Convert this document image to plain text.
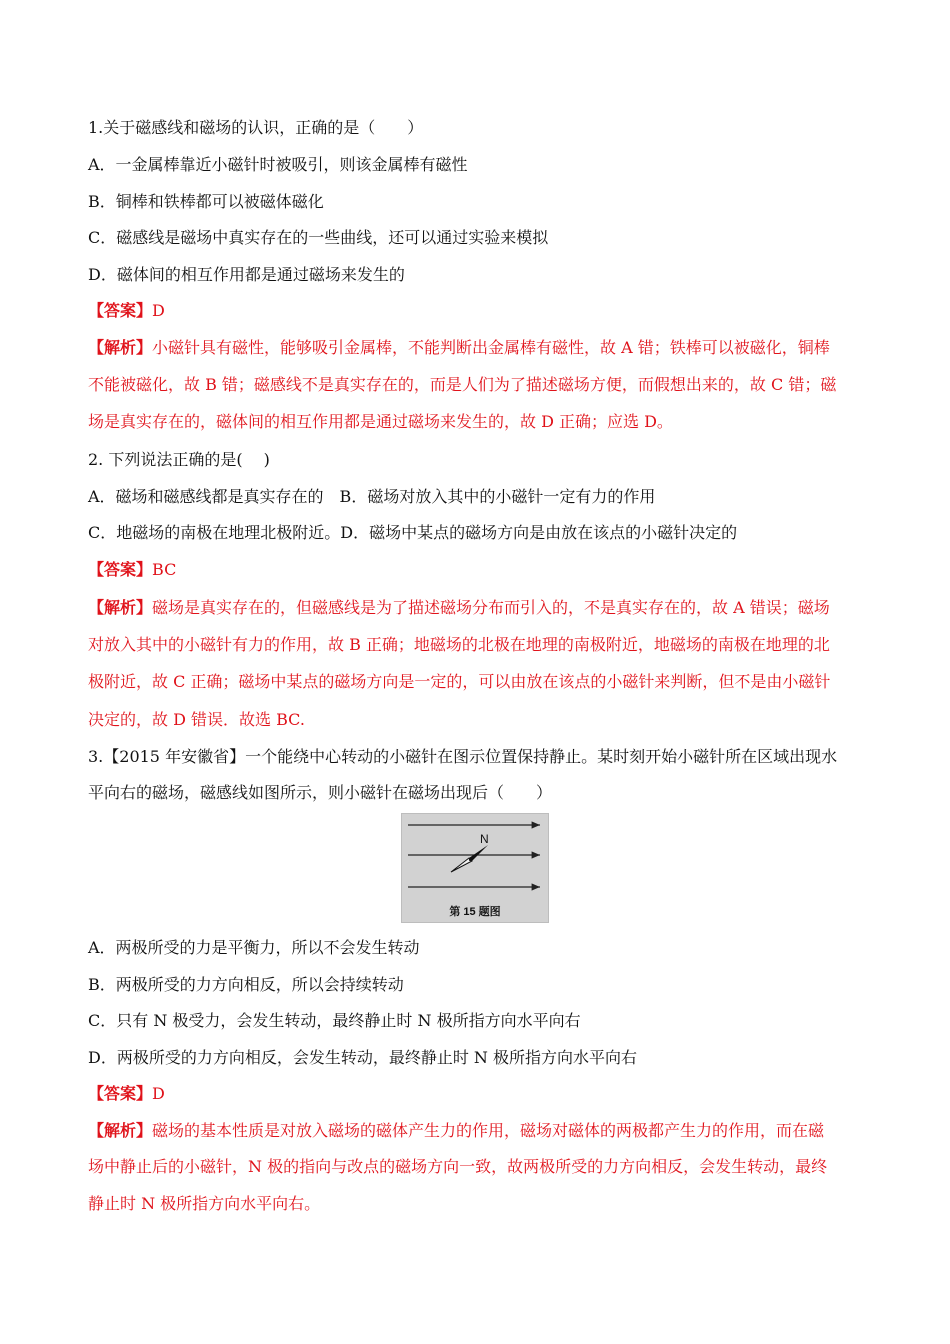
1.关于磁感线和磁场的认识，正确的是（　　）
A．一金属棒靠近小磁针时被吸引，则该金属棒有磁性
B．铜棒和铁棒都可以被磁体磁化
C．磁感线是磁场中真实存在的一些曲线，还可以通过实验来模拟
D．磁体间的相互作用都是通过磁场来发生的
【答案】D
【解析】小磁针具有磁性，能够吸引金属棒，不能判断出金属棒有磁性，故 A 错；铁棒可以被磁化，铜棒
不能被磁化，故 B 错；磁感线不是真实存在的，而是人们为了描述磁场方便，而假想出来的，故 C 错；磁
场是真实存在的，磁体间的相互作用都是通过磁场来发生的，故 D 正确；应选 D。
2. 下列说法正确的是(　 )
A．磁场和磁感线都是真实存在的　B．磁场对放入其中的小磁针一定有力的作用
C．地磁场的南极在地理北极附近。D．磁场中某点的磁场方向是由放在该点的小磁针决定的
【答案】BC
【解析】磁场是真实存在的，但磁感线是为了描述磁场分布而引入的，不是真实存在的，故 A 错误；磁场
对放入其中的小磁针有力的作用，故 B 正确；地磁场的北极在地理的南极附近，地磁场的南极在地理的北
极附近，故 C 正确；磁场中某点的磁场方向是一定的，可以由放在该点的小磁针来判断，但不是由小磁针
决定的，故 D 错误．故选 BC.
3.【2015 年安徽省】一个能绕中心转动的小磁针在图示位置保持静止。某时刻开始小磁针所在区域出现水
平向右的磁场，磁感线如图所示，则小磁针在磁场出现后（　　）
N
第 15 题图
A．两极所受的力是平衡力，所以不会发生转动
B．两极所受的力方向相反，所以会持续转动
C．只有 N 极受力，会发生转动，最终静止时 N 极所指方向水平向右
D．两极所受的力方向相反，会发生转动，最终静止时 N 极所指方向水平向右
【答案】D
【解析】磁场的基本性质是对放入磁场的磁体产生力的作用，磁场对磁体的两极都产生力的作用，而在磁
场中静止后的小磁针，N 极的指向与改点的磁场方向一致，故两极所受的力方向相反，会发生转动，最终
静止时 N 极所指方向水平向右。
